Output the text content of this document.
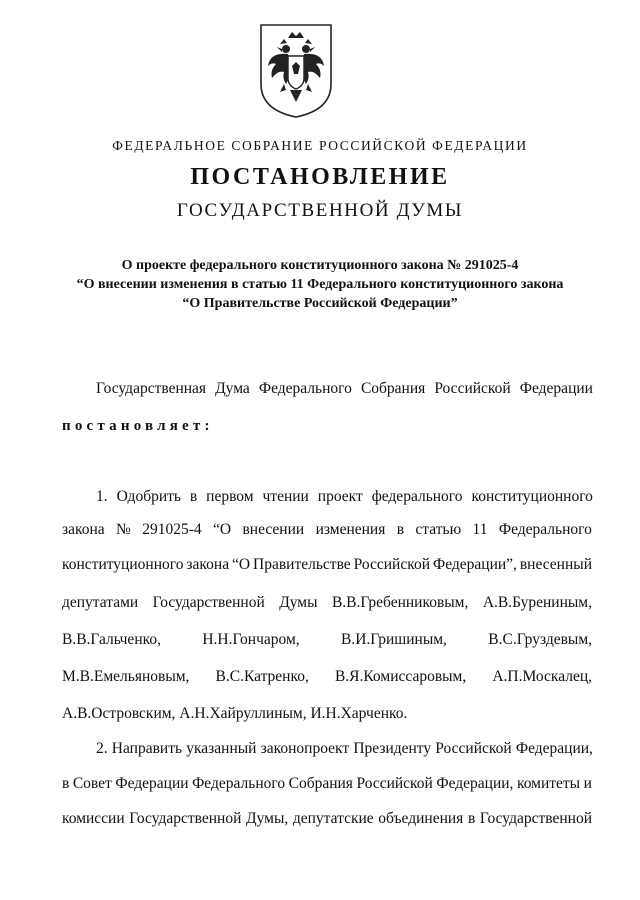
ФЕДЕРАЛЬНОЕ СОБРАНИЕ РОССИЙСКОЙ ФЕДЕРАЦИИ
ПОСТАНОВЛЕНИЕ
ГОСУДАРСТВЕННОЙ ДУМЫ
О проекте федерального конституционного закона № 291025-4
“О внесении изменения в статью 11 Федерального конституционного закона
“О Правительстве Российской Федерации”
Государственная Дума Федерального Собрания Российской Федерации
постановляет:
1. Одобрить в первом чтении проект федерального конституционного
закона № 291025-4 “О внесении изменения в статью 11 Федерального
конституционного закона “О Правительстве Российской Федерации”, внесенный
депутатами Государственной Думы В.В.Гребенниковым, А.В.Бурениным,
В.В.Гальченко,	Н.Н.Гончаром,	В.И.Гришиным,	В.С.Груздевым,
М.В.Емельяновым, В.С.Катренко, В.Я.Комиссаровым, А.П.Москалец,
А.В.Островским, А.Н.Хайруллиным, И.Н.Харченко.
2. Направить указанный законопроект Президенту Российской Федерации,
в Совет Федерации Федерального Собрания Российской Федерации, комитеты и
комиссии Государственной Думы, депутатские объединения в Государственной
